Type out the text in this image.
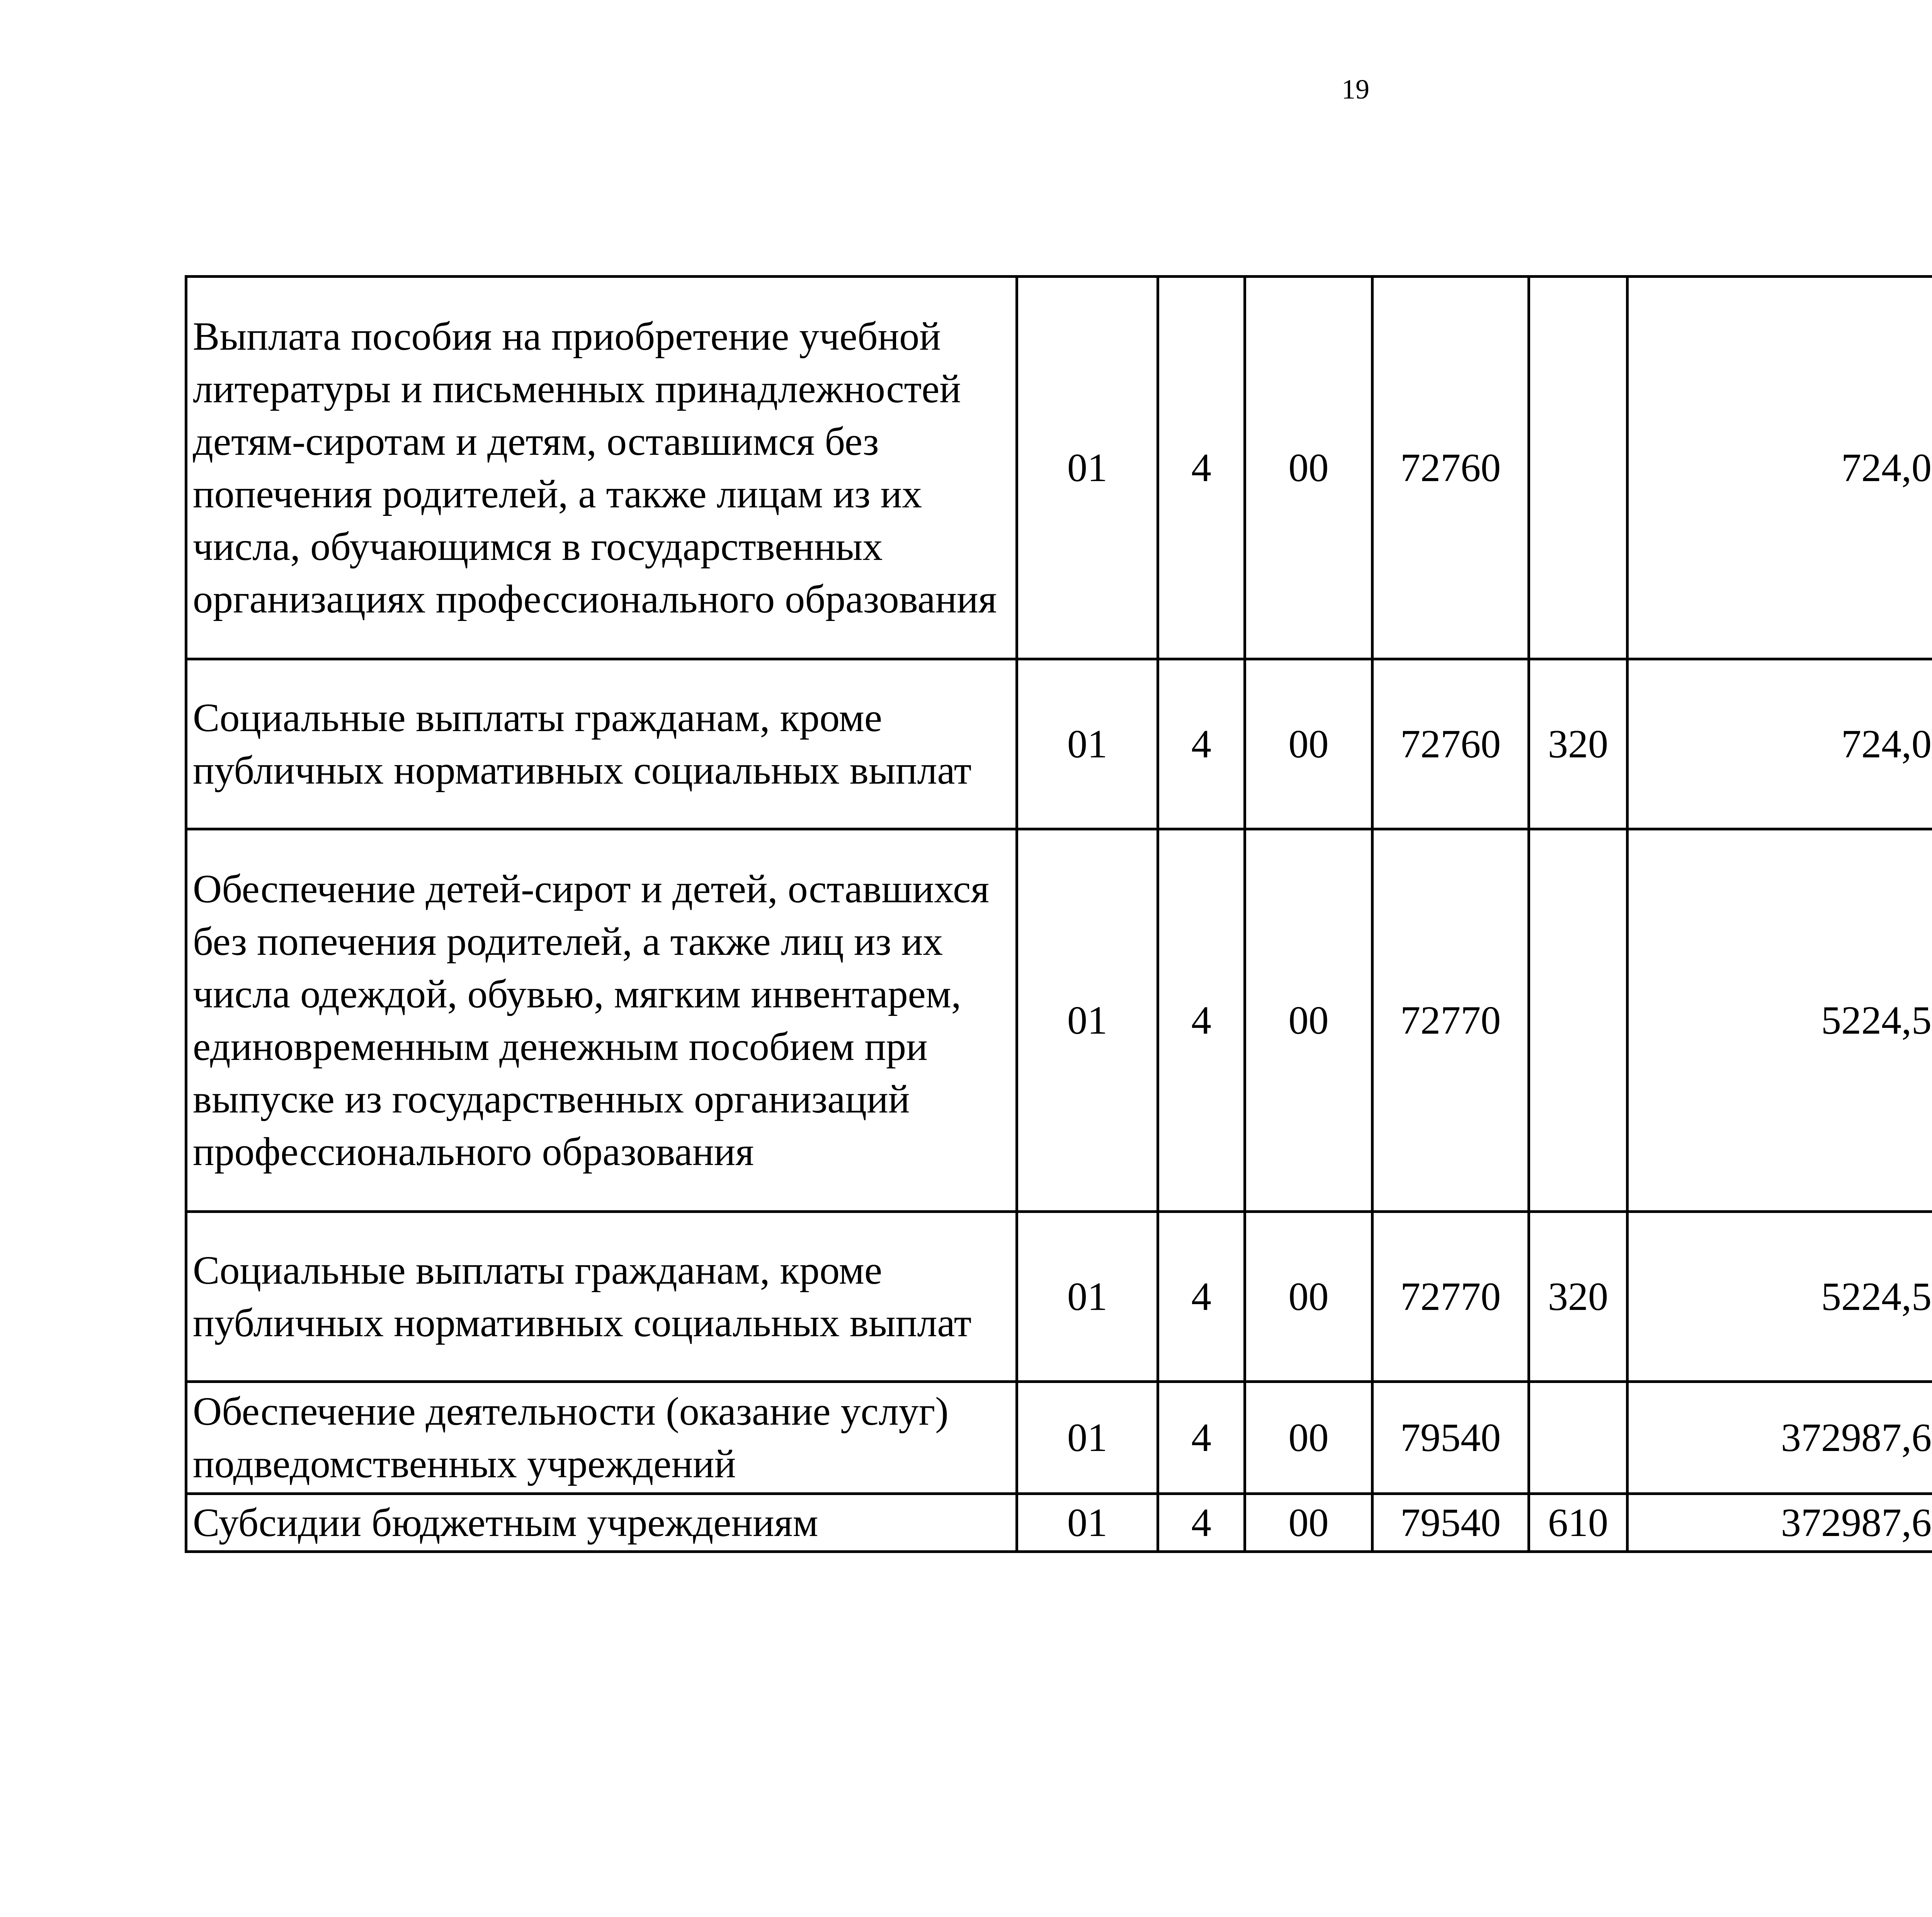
19
Выплата пособия на приобретение учебной литературы и письменных принадлежностей детям-сиротам и детям, оставшимся без попечения родителей, а также лицам из их числа, обучающимся в государственных организациях профессионального образования	01	4	00	72760		724,0		
Социальные выплаты гражданам, кроме публичных нормативных социальных выплат	01	4	00	72760	320	724,0		
Обеспечение детей-сирот и детей, оставшихся без попечения родителей, а также лиц из их числа одеждой, обувью, мягким инвентарем, единовременным денежным пособием при выпуске из государственных организаций профессионального образования	01	4	00	72770		5224,5		
Социальные выплаты гражданам, кроме публичных нормативных социальных выплат	01	4	00	72770	320	5224,5		
Обеспечение деятельности (оказание услуг) подведомственных учреждений	01	4	00	79540		372987,6		
Субсидии бюджетным учреждениям	01	4	00	79540	610	372987,6		
